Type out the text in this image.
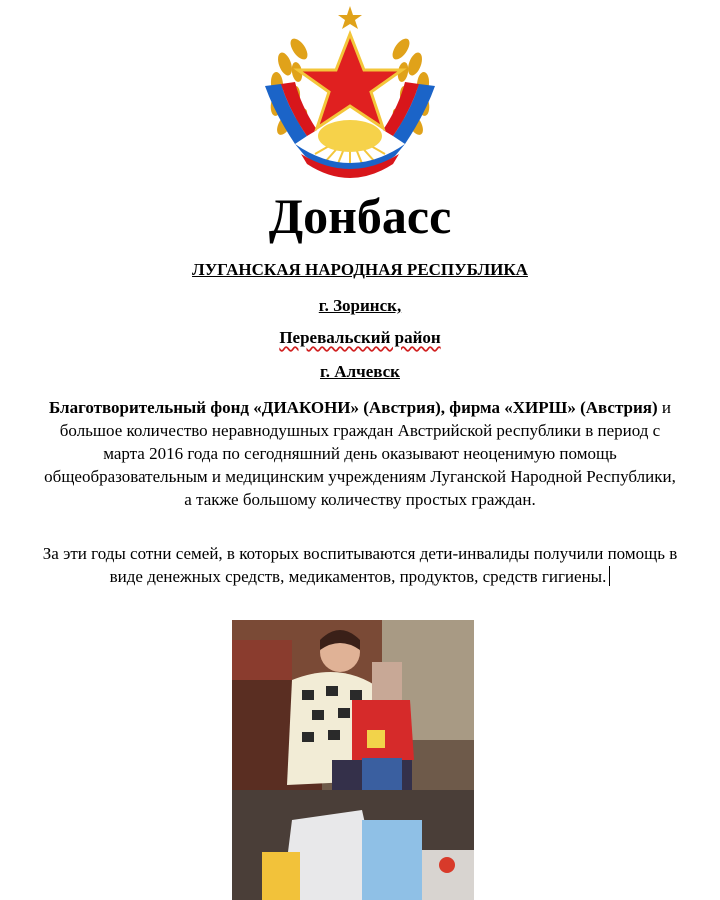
Донбасс
ЛУГАНСКАЯ НАРОДНАЯ РЕСПУБЛИКА
г. Зоринск,
Перевальский район
г. Алчевск

Благотворительный фонд «ДИАКОНИ» (Австрия), фирма «ХИРШ» (Австрия) и большое количество неравнодушных граждан Австрийской республики в период с марта 2016 года по сегодняшний день оказывают неоценимую помощь общеобразовательным и медицинским учреждениям Луганской Народной Республики, а также большому количеству простых граждан.

За эти годы сотни семей, в которых воспитываются дети-инвалиды получили помощь в виде денежных средств, медикаментов, продуктов, средств гигиены.
